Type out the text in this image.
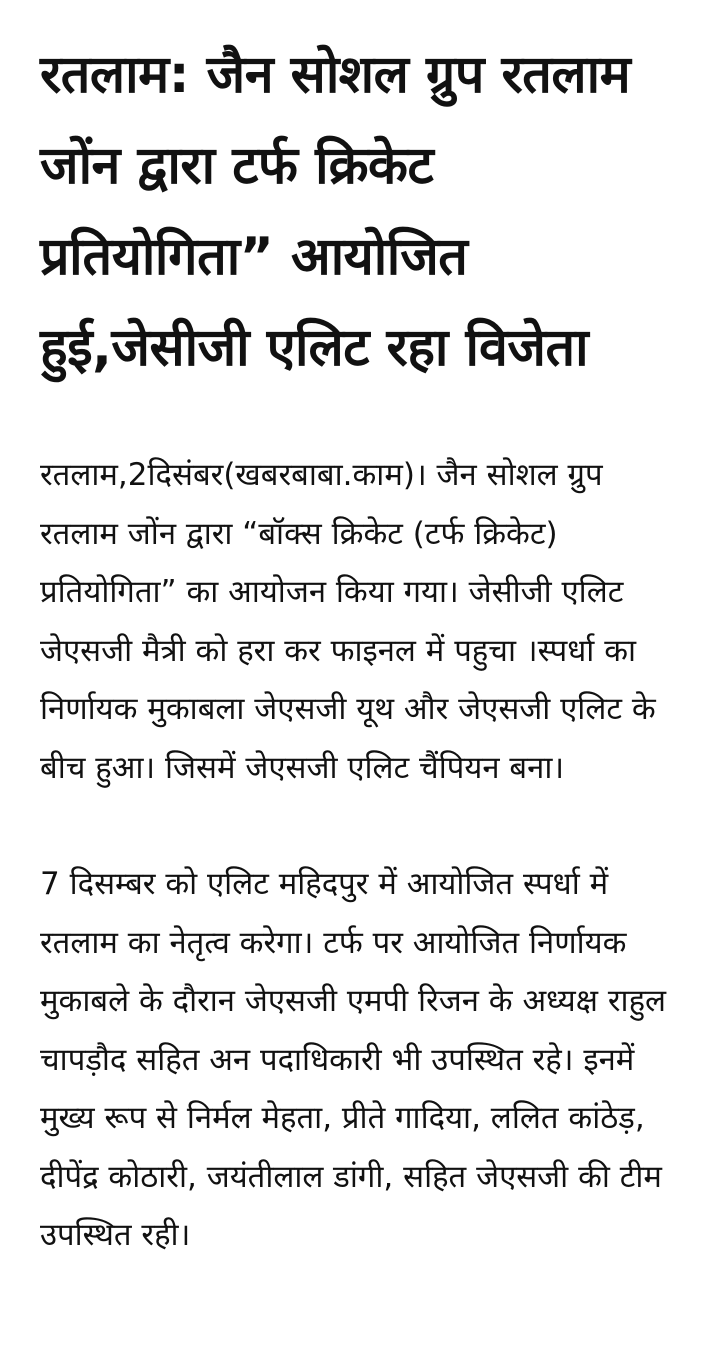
रतलाम: जैन सोशल ग्रुप रतलाम जोंन द्वारा टर्फ क्रिकेट प्रतियोगिता” आयोजित हुई,जेसीजी एलिट रहा विजेता

रतलाम,2दिसंबर(खबरबाबा.काम)। जैन सोशल ग्रुप रतलाम जोंन द्वारा “बॉक्स क्रिकेट (टर्फ क्रिकेट) प्रतियोगिता” का आयोजन किया गया। जेसीजी एलिट जेएसजी मैत्री को हरा कर फाइनल में पहुचा ।स्पर्धा का निर्णायक मुकाबला जेएसजी यूथ और जेएसजी एलिट के बीच हुआ। जिसमें जेएसजी एलिट चैंपियन बना।

7 दिसम्बर को एलिट महिदपुर में आयोजित स्पर्धा में रतलाम का नेतृत्व करेगा। टर्फ पर आयोजित निर्णायक मुकाबले के दौरान जेएसजी एमपी रिजन के अध्यक्ष राहुल चापड़ौद सहित अन पदाधिकारी भी उपस्थित रहे। इनमें मुख्य रूप से निर्मल मेहता, प्रीते गादिया, ललित कांठेड़, दीपेंद्र कोठारी, जयंतीलाल डांगी, सहित जेएसजी की टीम उपस्थित रही।
